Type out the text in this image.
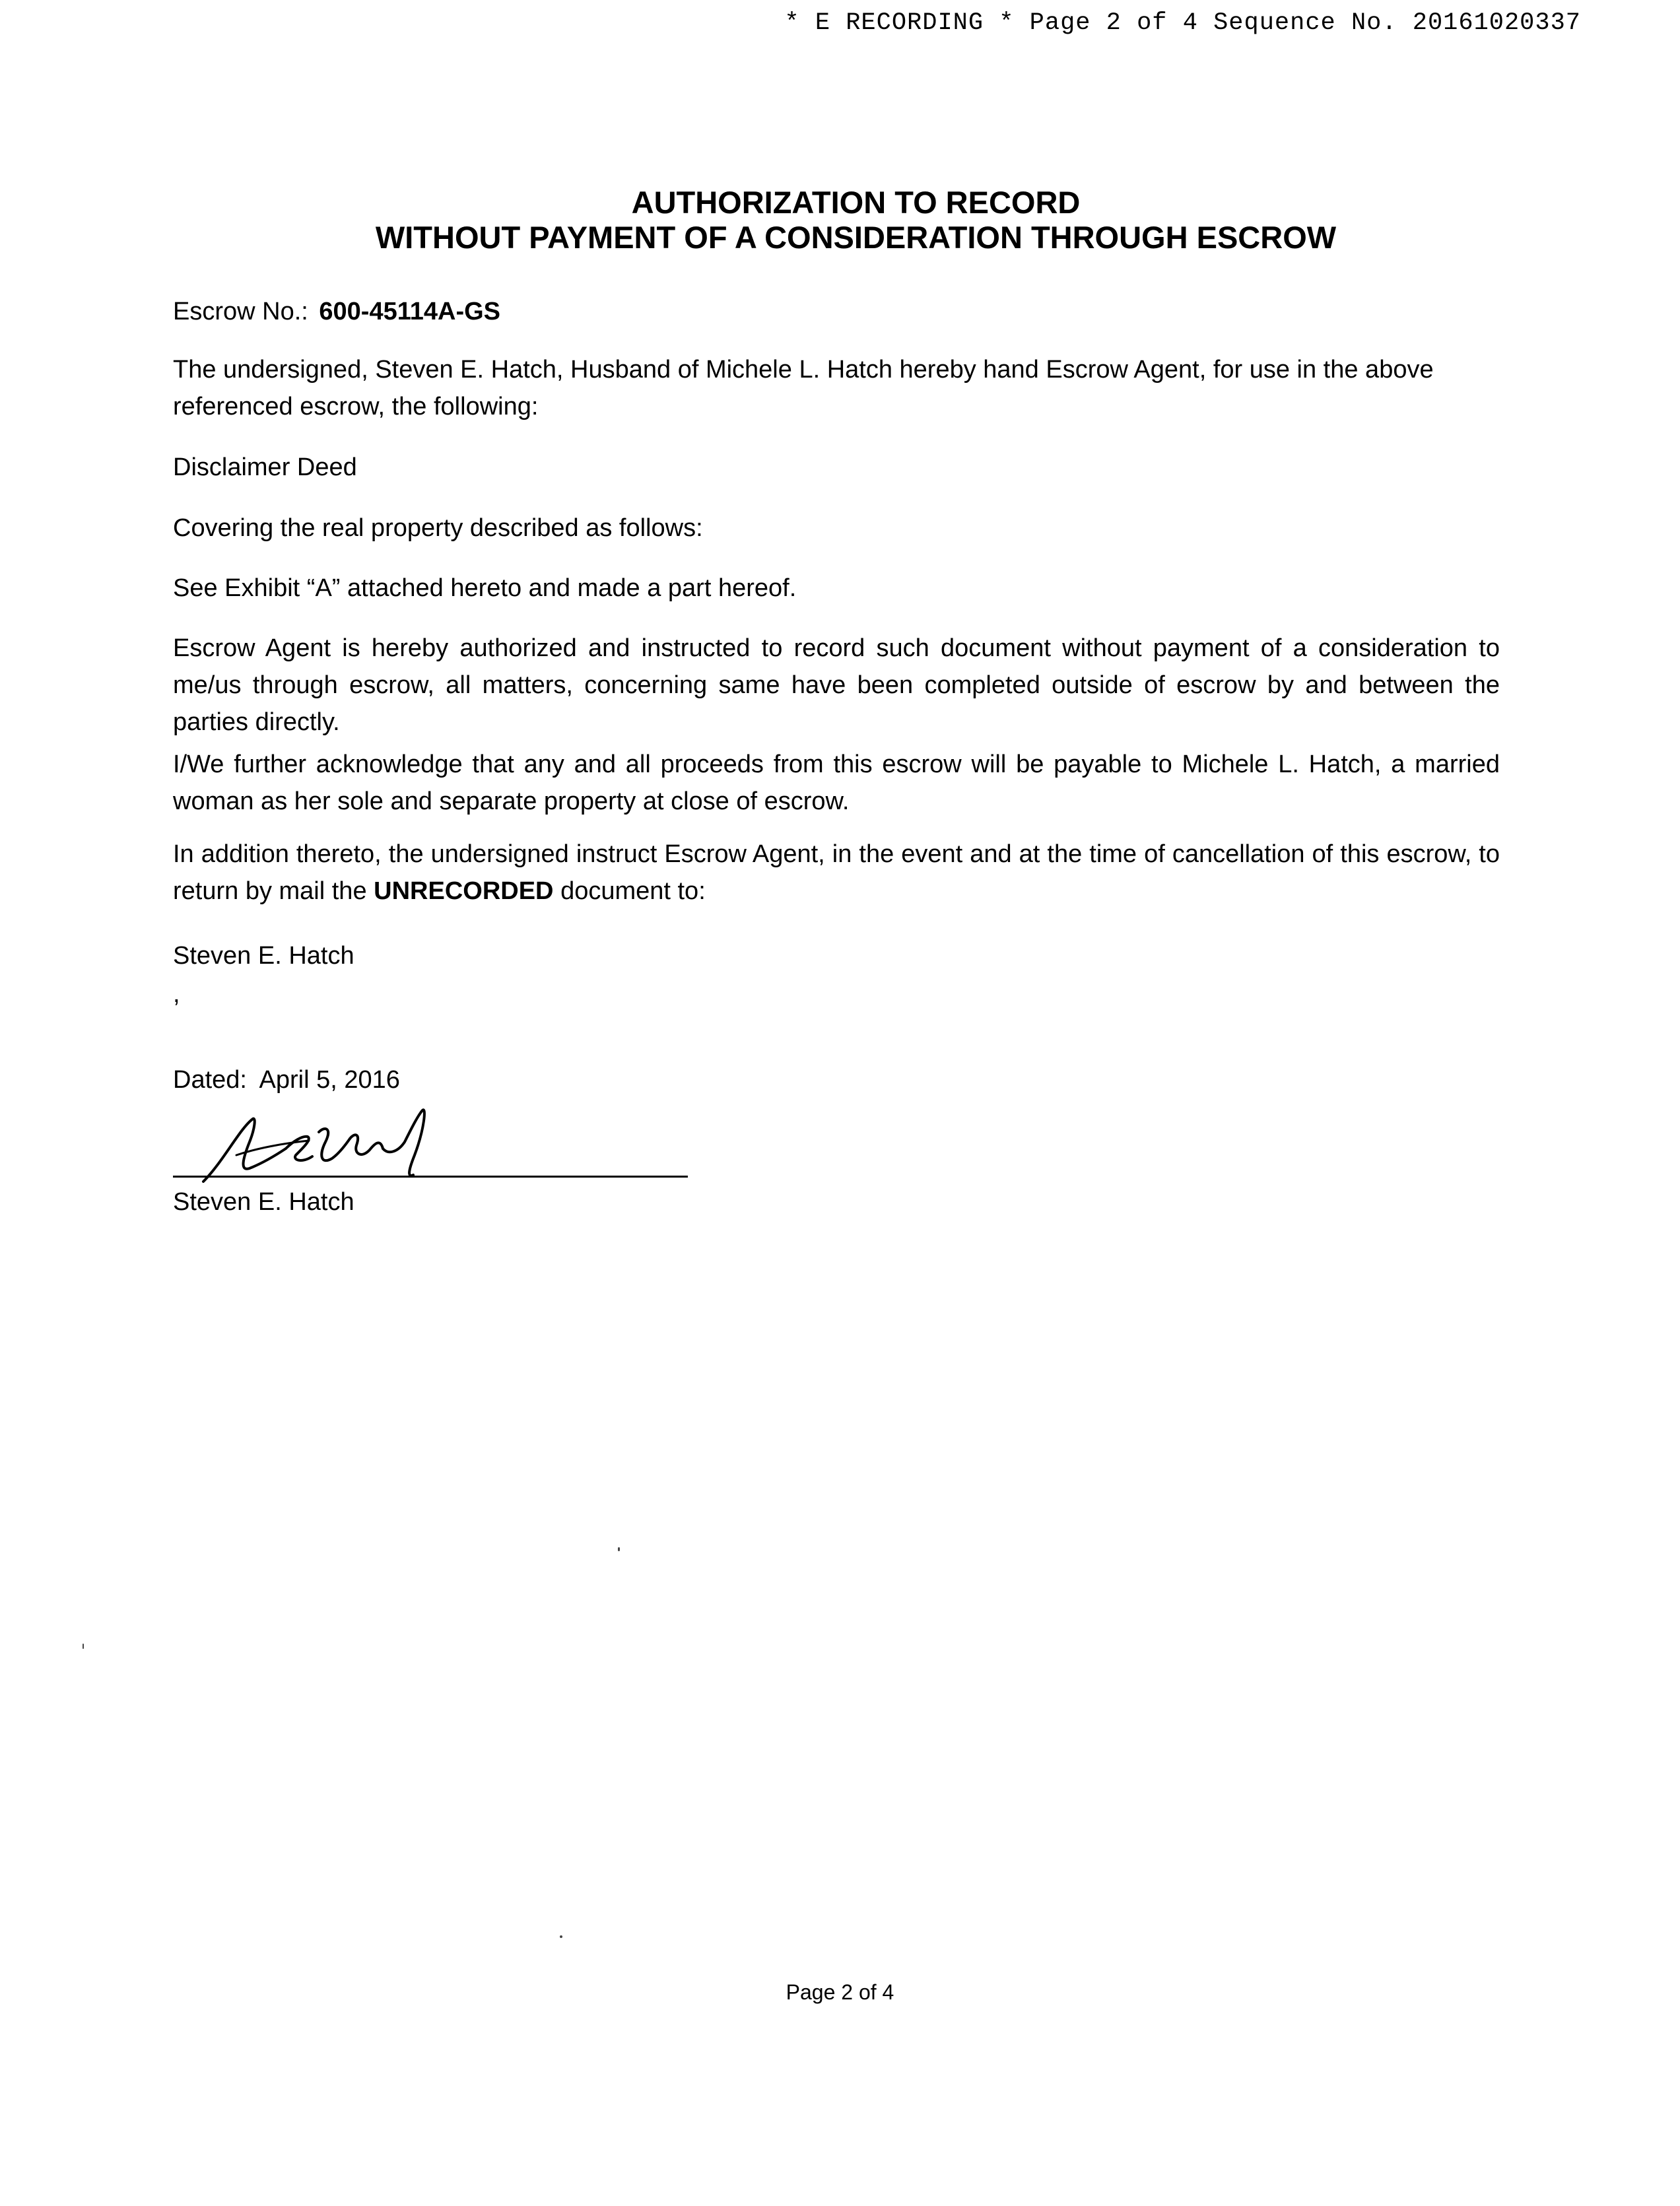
* E RECORDING * Page 2 of 4 Sequence No. 20161020337
AUTHORIZATION TO RECORD
WITHOUT PAYMENT OF A CONSIDERATION THROUGH ESCROW
Escrow No.: 600-45114A-GS
The undersigned, Steven E. Hatch, Husband of Michele L. Hatch hereby hand Escrow Agent, for use in the above referenced escrow, the following:
Disclaimer Deed
Covering the real property described as follows:
See Exhibit “A” attached hereto and made a part hereof.
Escrow Agent is hereby authorized and instructed to record such document without payment of a consideration to me/us through escrow, all matters, concerning same have been completed outside of escrow by and between the parties directly.
I/We further acknowledge that any and all proceeds from this escrow will be payable to Michele L. Hatch, a married woman as her sole and separate property at close of escrow.
In addition thereto, the undersigned instruct Escrow Agent, in the event and at the time of cancellation of this escrow, to return by mail the UNRECORDED document to:
Steven E. Hatch
,
Dated: April 5, 2016
Steven E. Hatch
Page 2 of 4
